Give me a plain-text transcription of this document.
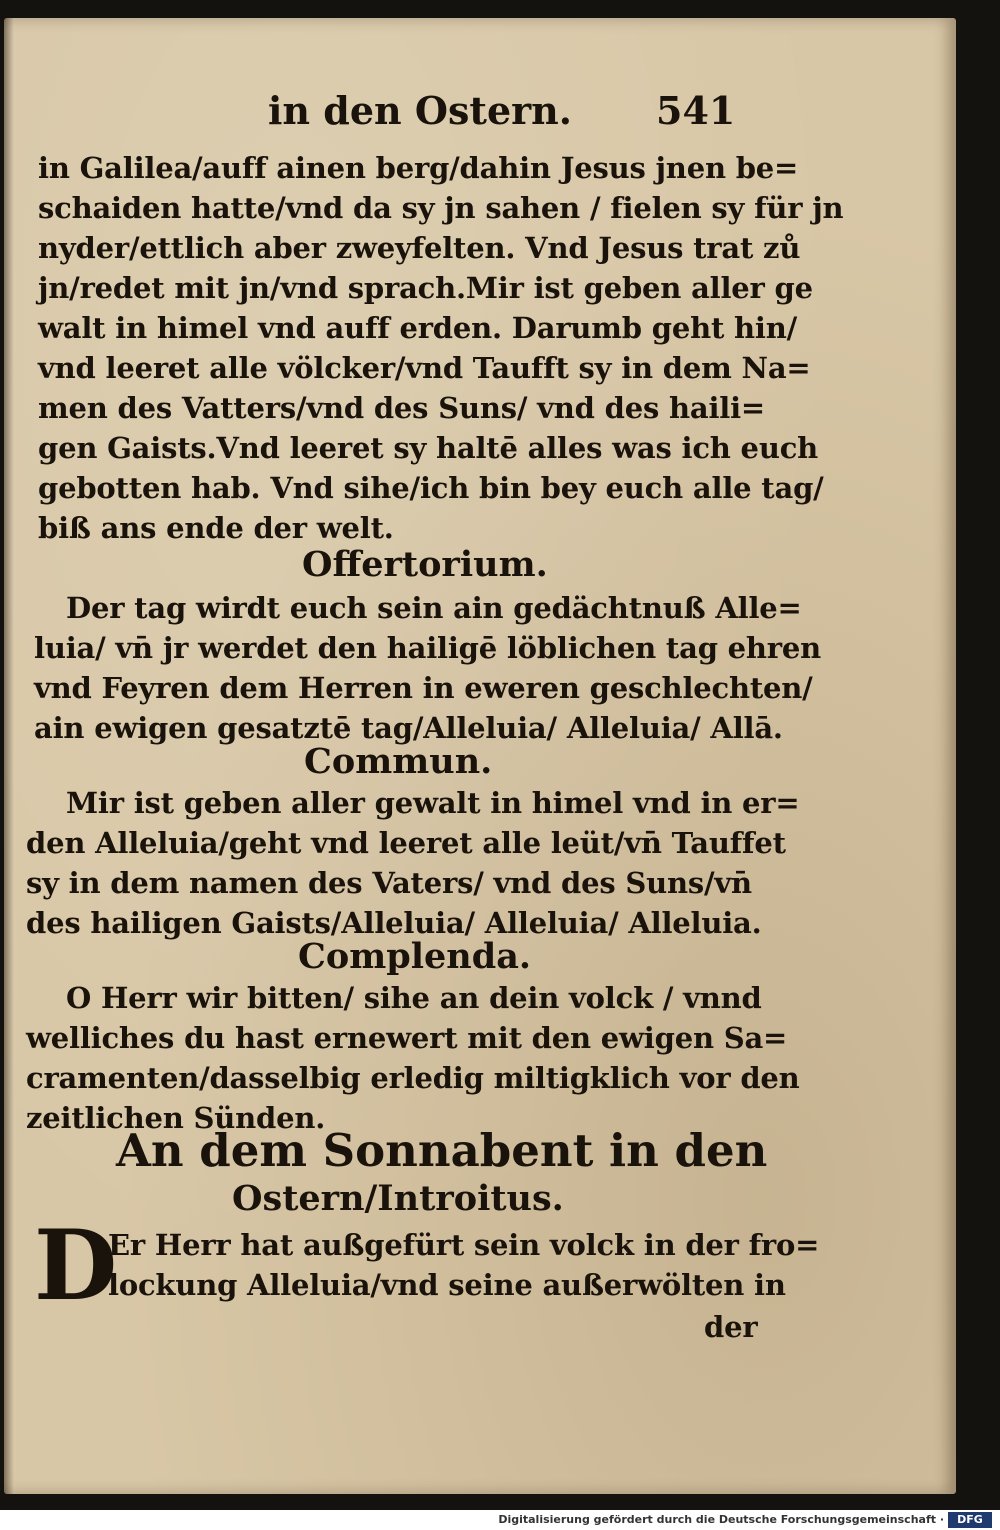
in den Ostern. 541
in Galilea/auff ainen berg/dahin Jesus jnen be=
schaiden hatte/vnd da sy jn sahen / fielen sy für jn
nyder/ettlich aber zweyfelten. Vnd Jesus trat zů
jn/redet mit jn/vnd sprach.Mir ist geben aller ge
walt in himel vnd auff erden. Darumb geht hin/
vnd leeret alle völcker/vnd Taufft sy in dem Na=
men des Vatters/vnd des Suns/ vnd des haili=
gen Gaists.Vnd leeret sy haltē alles was ich euch
gebotten hab. Vnd sihe/ich bin bey euch alle tag/
biß ans ende der welt.
Offertorium.
Der tag wirdt euch sein ain gedächtnuß Alle=
luia/ vn̄ jr werdet den hailigē löblichen tag ehren
vnd Feyren dem Herren in eweren geschlechten/
ain ewigen gesatztē tag/Alleluia/ Alleluia/ Allā.
Commun.
Mir ist geben aller gewalt in himel vnd in er=
den Alleluia/geht vnd leeret alle leüt/vn̄ Tauffet
sy in dem namen des Vaters/ vnd des Suns/vn̄
des hailigen Gaists/Alleluia/ Alleluia/ Alleluia.
Complenda.
O Herr wir bitten/ sihe an dein volck / vnnd
welliches du hast ernewert mit den ewigen Sa=
cramenten/dasselbig erledig miltigklich vor den
zeitlichen Sünden.
An dem Sonnabent in den
Ostern/Introitus.
D
Er Herr hat außgefürt sein volck in der fro=
lockung Alleluia/vnd seine außerwölten in
der
Digitalisierung gefördert durch die Deutsche Forschungsgemeinschaft ·	DFG
